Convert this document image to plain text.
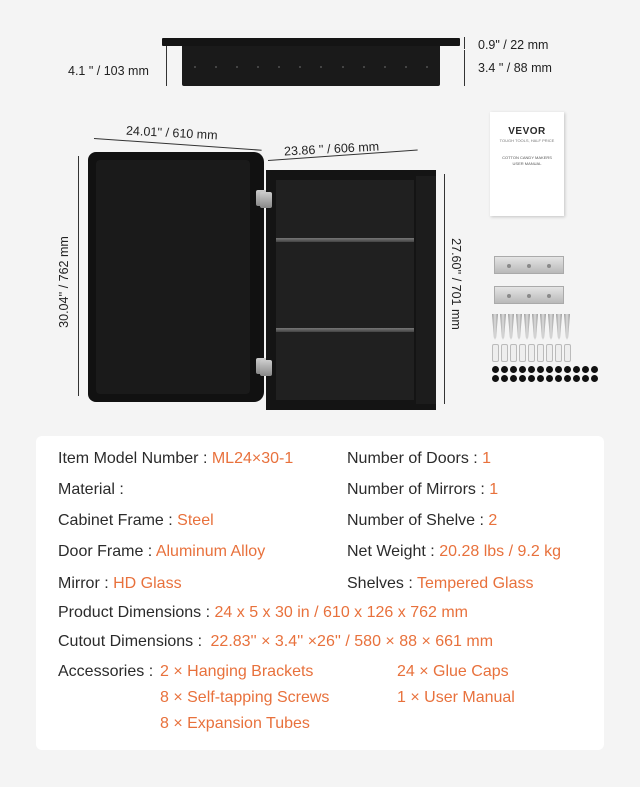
0.9" / 22 mm
3.4 " / 88 mm
4.1 " / 103 mm
24.01'' / 610 mm
23.86 '' / 606 mm
30.04'' / 762 mm	27.60'' / 701 mm
VEVOR
TOUGH TOOLS, HALF PRICE
COTTON CANDY MAKERS
USER MANUAL
Item Model Number : ML24×30-1	Number of Doors : 1
Material :	Number of Mirrors : 1
Cabinet Frame : Steel	Number of Shelve : 2
Door Frame : Aluminum Alloy	Net Weight : 20.28 lbs / 9.2 kg
Mirror : HD Glass	Shelves : Tempered Glass
Product Dimensions : 24 x 5 x 30 in / 610 x 126 x 762 mm
Cutout Dimensions : 22.83'' × 3.4'' ×26'' / 580 × 88 × 661 mm
Accessories : 2 × Hanging Brackets	24 × Glue Caps
8 × Self-tapping Screws	1 × User Manual
8 × Expansion Tubes
